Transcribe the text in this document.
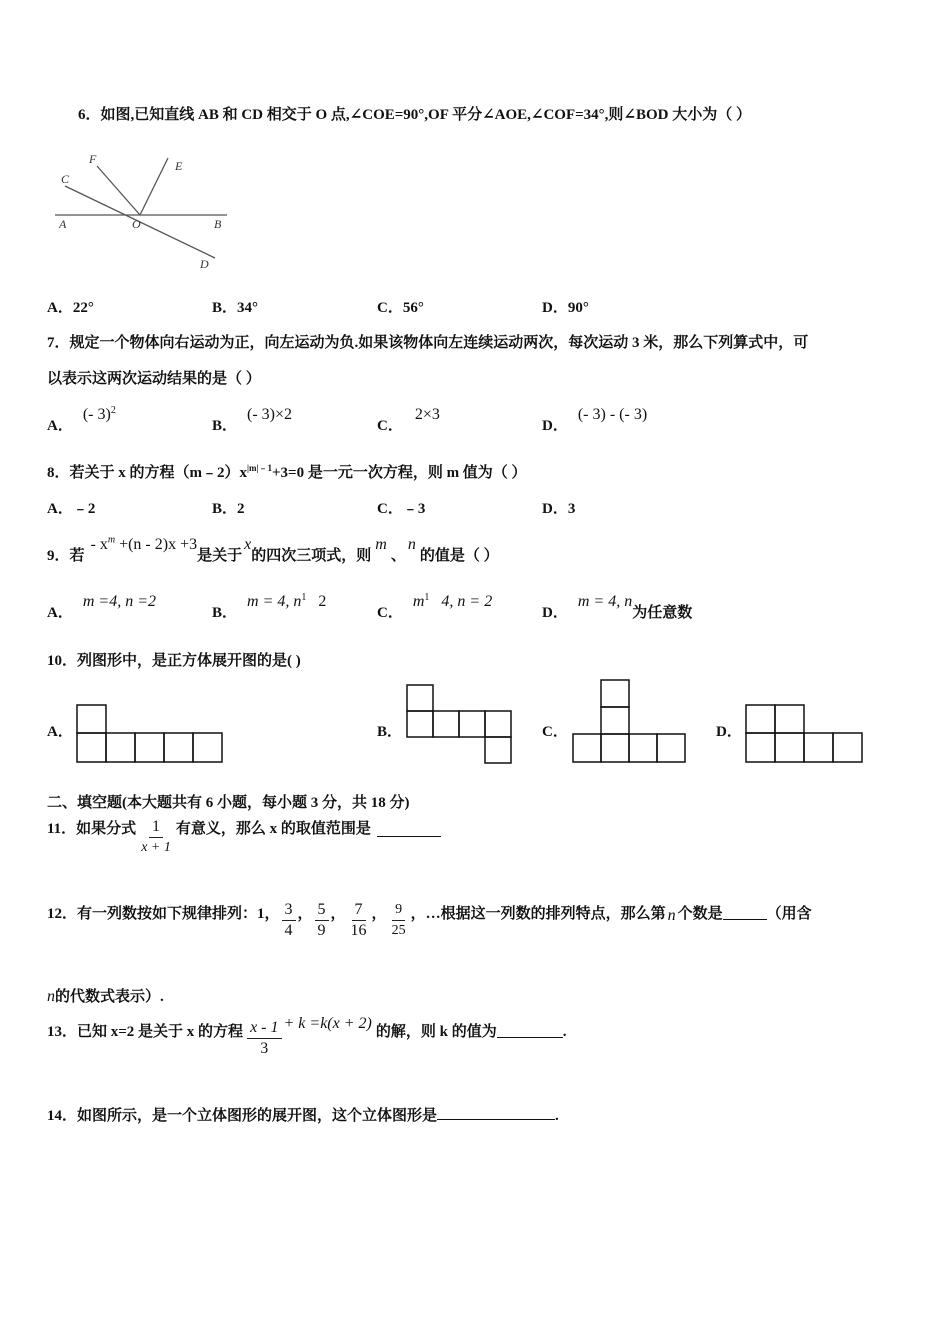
6．如图,已知直线 AB 和 CD 相交于 O 点,∠COE=90°,OF 平分∠AOE,∠COF=34°,则∠BOD 大小为（ ）
C
F	E
A	O	B
D
A．22°	B．34°	C．56°	D．90°
7．规定一个物体向右运动为正，向左运动为负.如果该物体向左连续运动两次，每次运动 3 米，那么下列算式中，可
以表示这两次运动结果的是（ ）
A．(- 3)$^2$
B．(- 3)×2
C．2×3
D．(- 3) - (- 3)
8．若关于 x 的方程$(m﹣2)x^{|m|﹣1}+3=0$ 是一元一次方程，则 m 值为（ ）
A．﹣2	B．2	C．﹣3	D．3
9．若- $x^m +(n - 2)x +3$是关于x的四次三项式，则m、n的值是（ ）
A．m =4, n =2
B．m = 4, $n^1$   2
C．$m^1$   4, n = 2
D．m = 4, n为任意数
10．列图形中，是正方体展开图的是( )
A．	B．	C．	D．
二、填空题(本大题共有 6 小题，每小题 3 分，共 18 分)
11．如果分式 $\frac{1}{x + 1}$ 有意义，那么 x 的取值范围是
12．有一列数按如下规律排列：1， $\frac{3}{4}$ ， $\frac{5}{9}$ ， $\frac{7}{16}$ ， $\frac{9}{25}$ ，…根据这一列数的排列特点，那么第 n 个数是	（用含
n的代数式表示）.
13．已知 x=2 是关于 x 的方程 $\frac{x - 1}{3} + k =k(x + 2)$ 的解，则 k 的值为	.
14．如图所示，是一个立体图形的展开图，这个立体图形是	.
